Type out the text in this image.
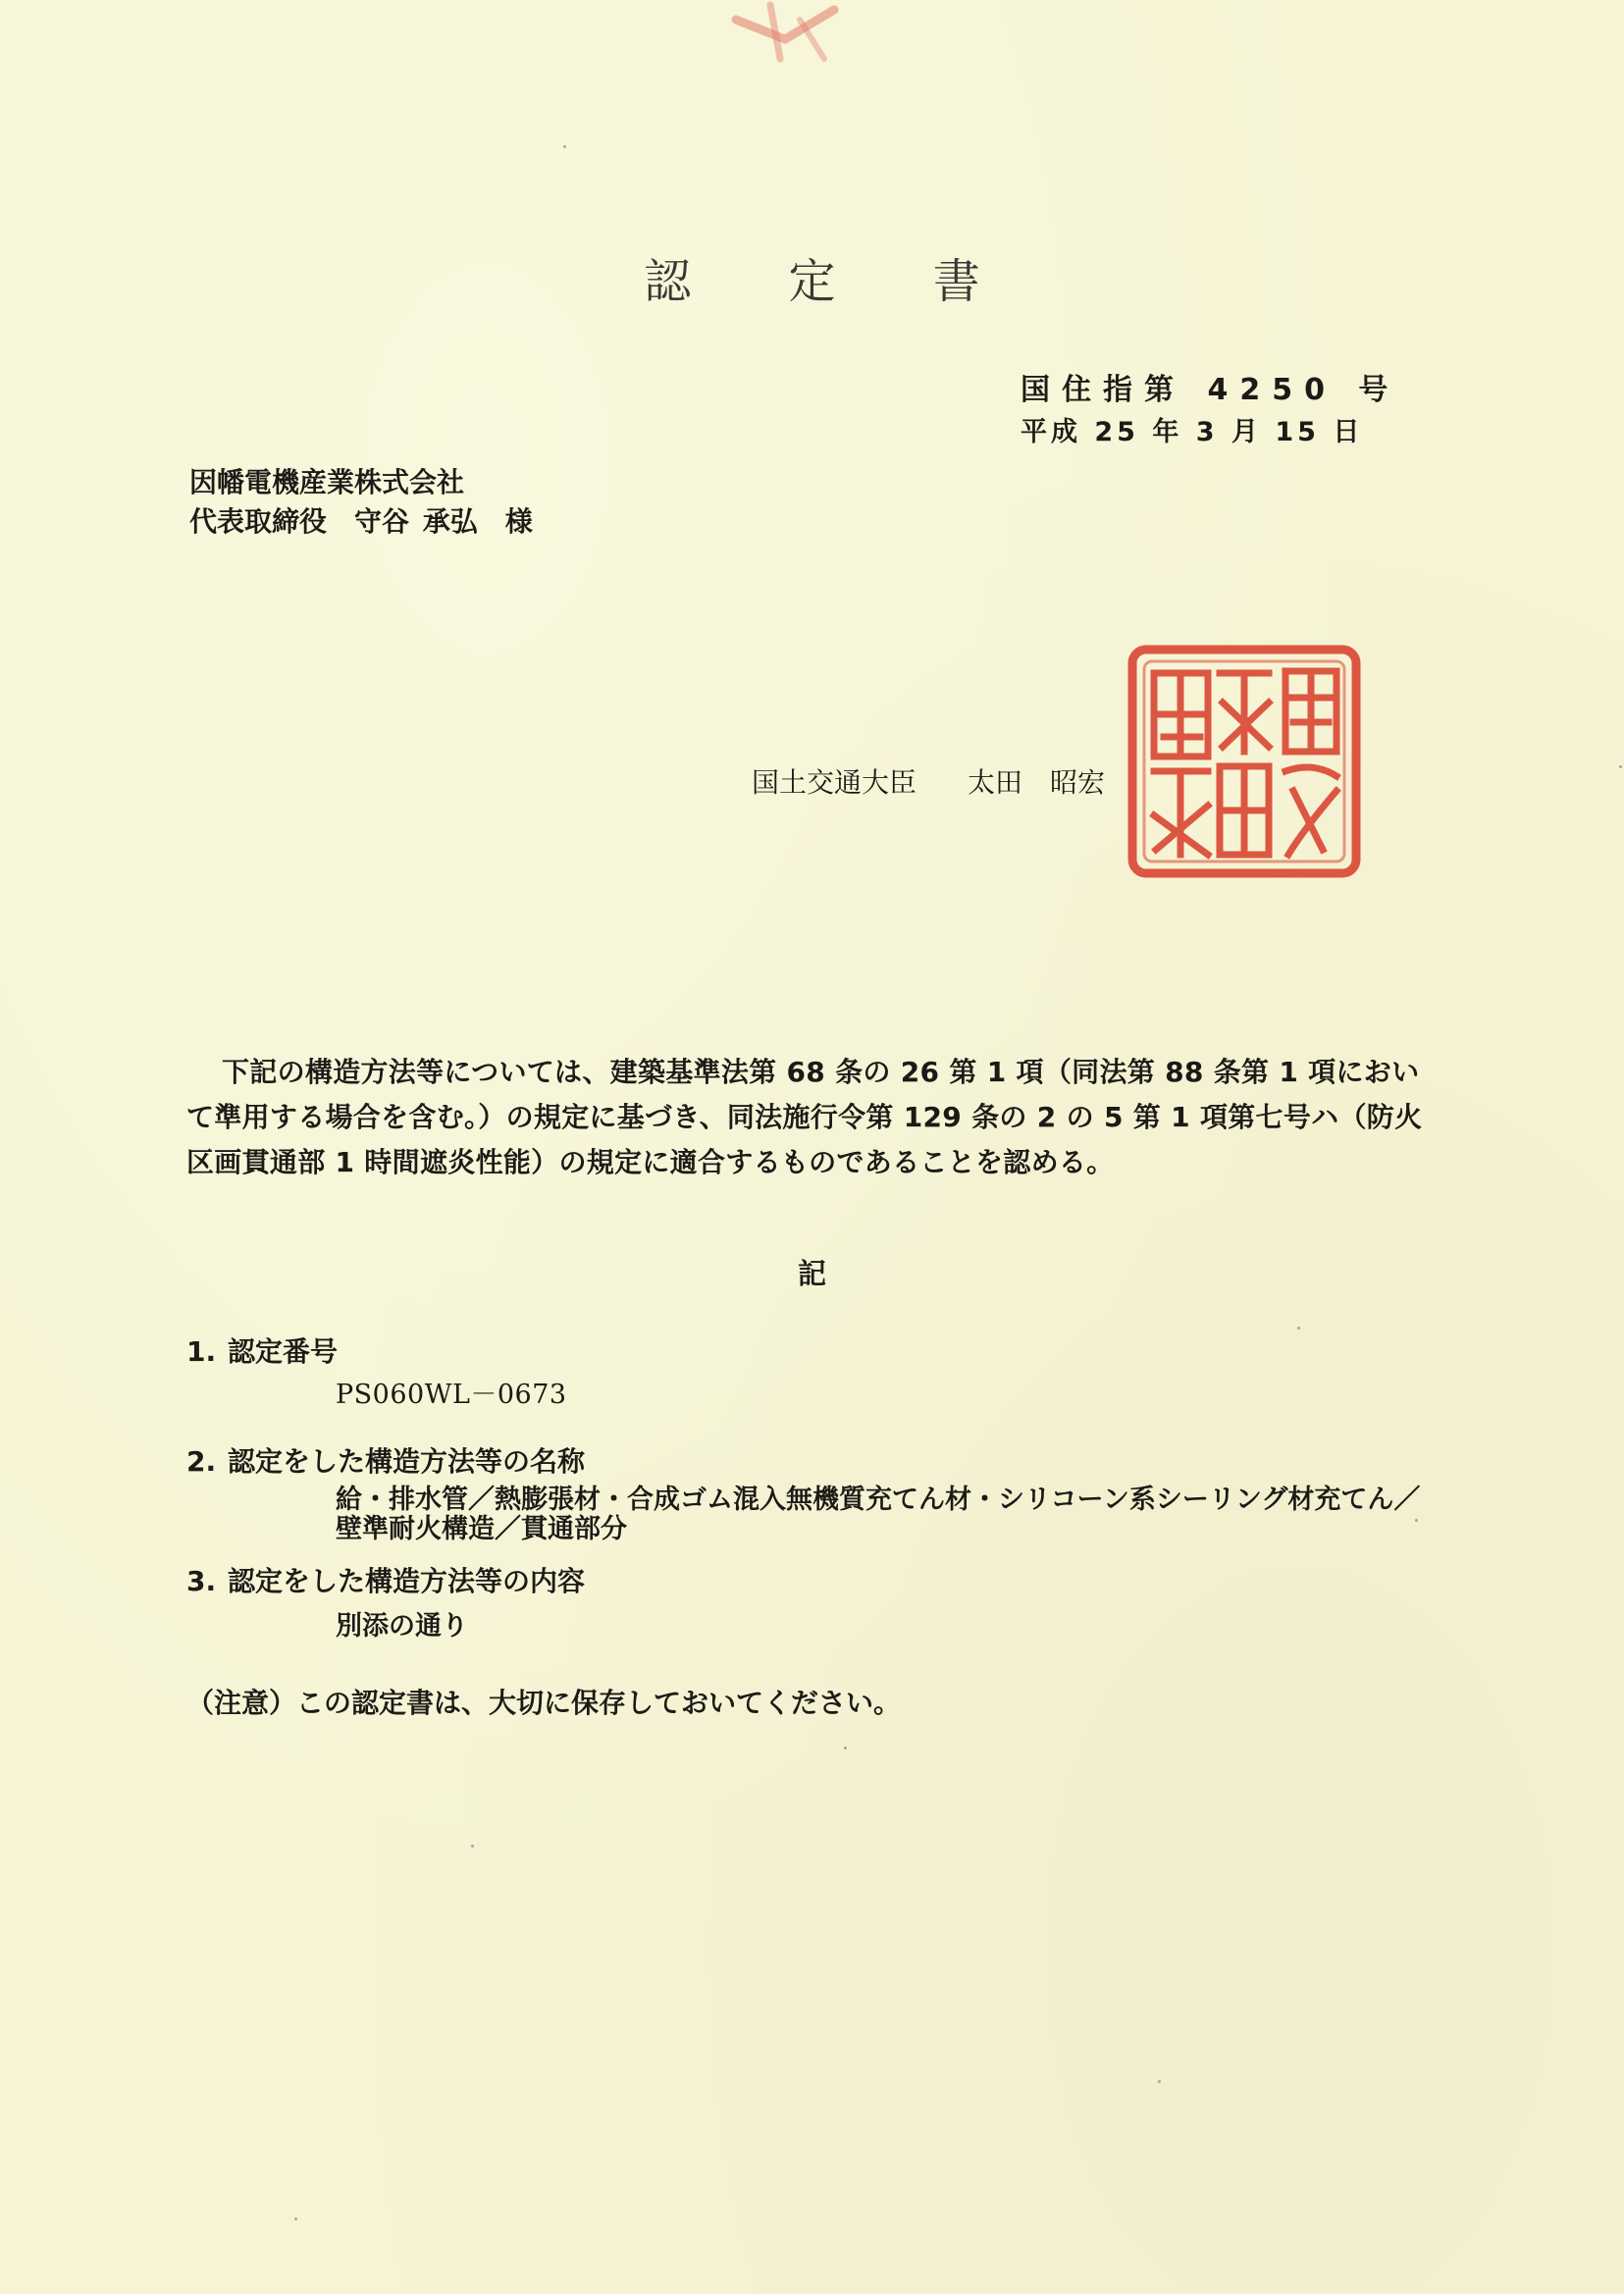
認 定 書
国住指第 4250 号
平成 25 年 3 月 15 日
因幡電機産業株式会社
代表取締役　守谷 承弘　様
国土交通大臣 太田　昭宏
下記の構造方法等については、建築基準法第 68 条の 26 第 1 項（同法第 88 条第 1 項において準用する場合を含む。）の規定に基づき、同法施行令第 129 条の 2 の 5 第 1 項第七号ハ（防火区画貫通部 1 時間遮炎性能）の規定に適合するものであることを認める。
記
1. 認定番号
PS060WL－0673
2. 認定をした構造方法等の名称
給・排水管／熱膨張材・合成ゴム混入無機質充てん材・シリコーン系シーリング材充てん／壁準耐火構造／貫通部分
3. 認定をした構造方法等の内容
別添の通り
（注意）この認定書は、大切に保存しておいてください。
